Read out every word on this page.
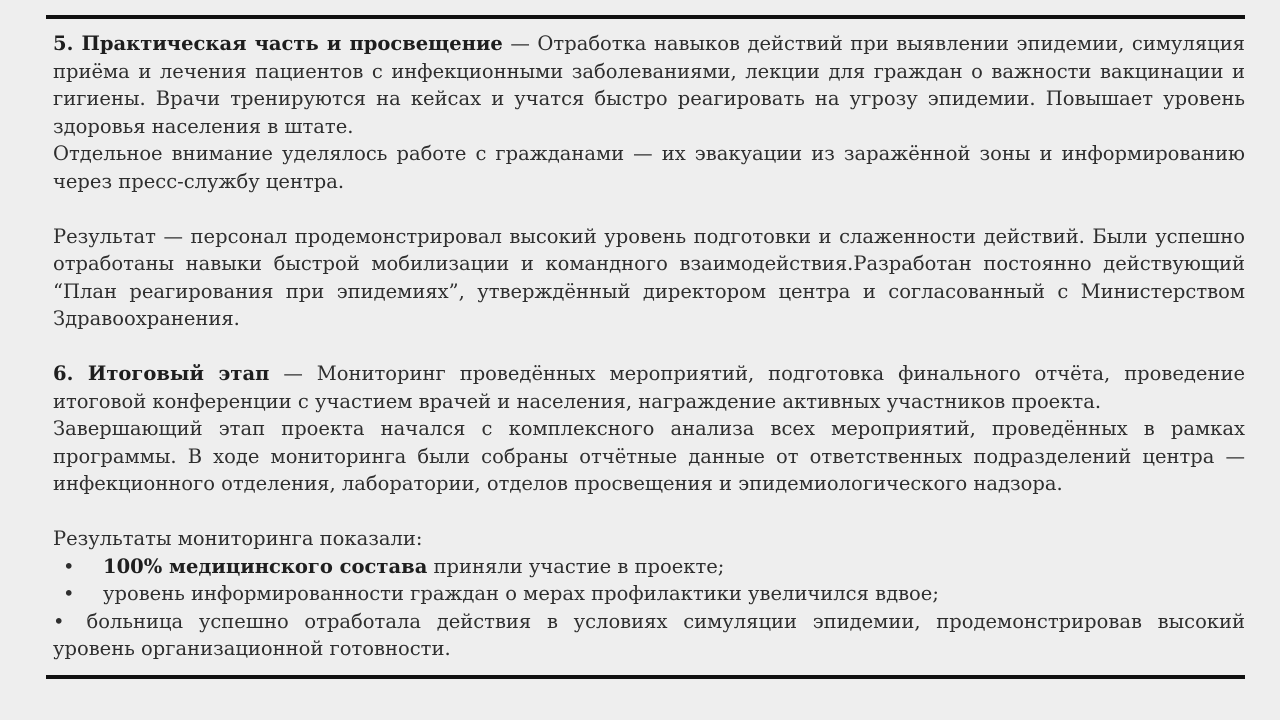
5. Практическая часть и просвещение — Отработка навыков действий при выявлении эпидемии, симуляция приёма и лечения пациентов с инфекционными заболеваниями, лекции для граждан о важности вакцинации и гигиены. Врачи тренируются на кейсах и учатся быстро реагировать на угрозу эпидемии. Повышает уровень здоровья населения в штате.

Отдельное внимание уделялось работе с гражданами — их эвакуации из заражённой зоны и информированию через пресс-службу центра.

Результат — персонал продемонстрировал высокий уровень подготовки и слаженности действий. Были успешно отработаны навыки быстрой мобилизации и командного взаимодействия.Разработан постоянно действующий “План реагирования при эпидемиях”, утверждённый директором центра и согласованный с Министерством Здравоохранения.

6. Итоговый этап — Мониторинг проведённых мероприятий, подготовка финального отчёта, проведение итоговой конференции с участием врачей и населения, награждение активных участников проекта.

Завершающий этап проекта начался с комплексного анализа всех мероприятий, проведённых в рамках программы. В ходе мониторинга были собраны отчётные данные от ответственных подразделений центра — инфекционного отделения, лаборатории, отделов просвещения и эпидемиологического надзора.

Результаты мониторинга показали:

•	100% медицинского состава приняли участие в проекте;
•	уровень информированности граждан о мерах профилактики увеличился вдвое;
• больница успешно отработала действия в условиях симуляции эпидемии, продемонстрировав высокий уровень организационной готовности.
